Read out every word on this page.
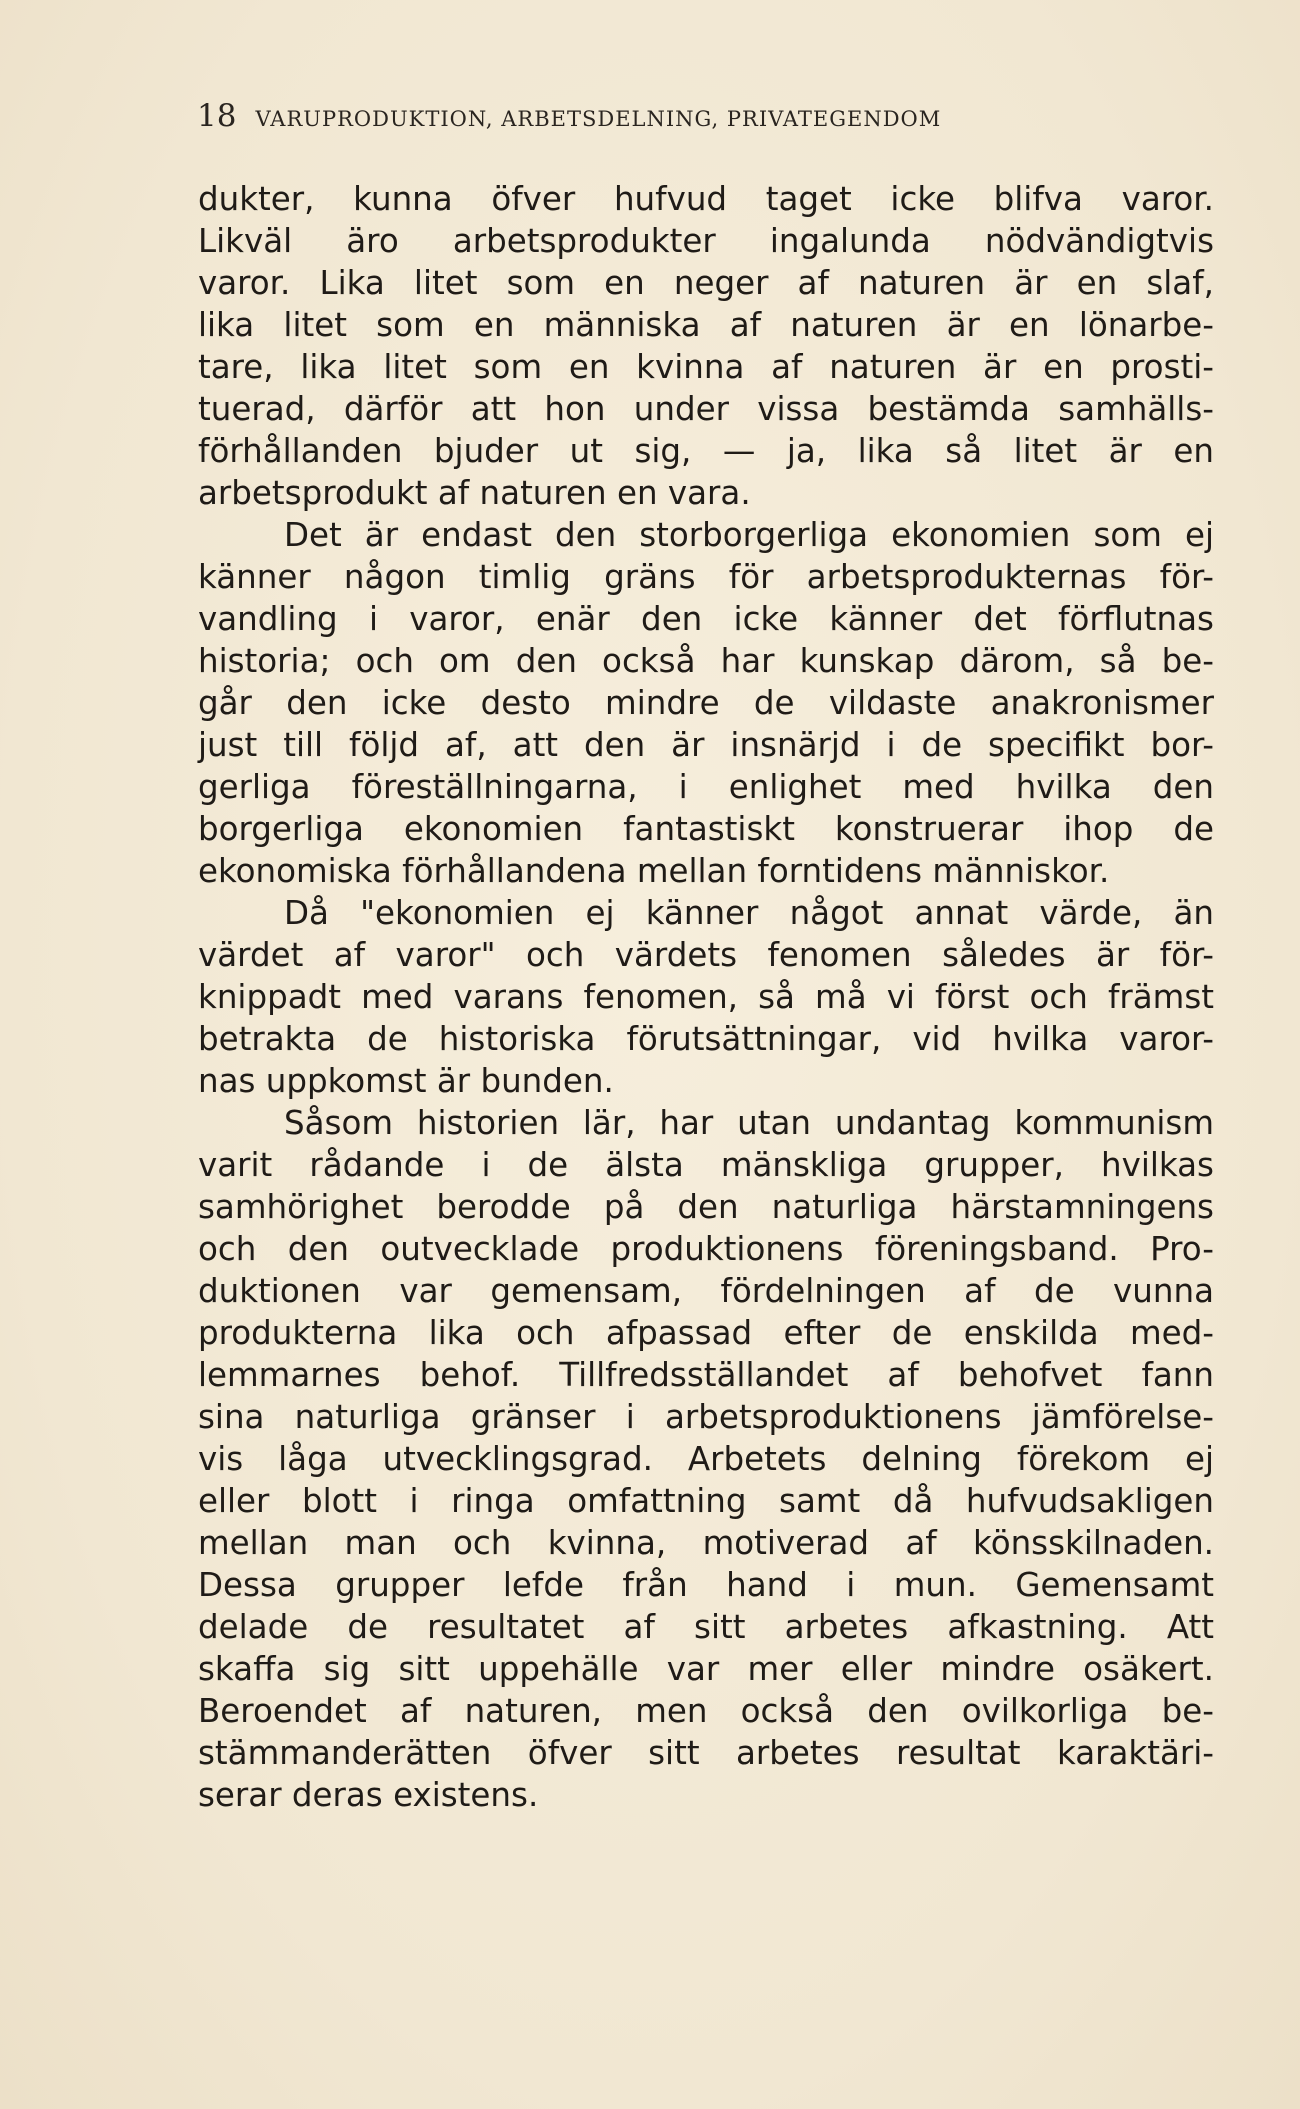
18 VARUPRODUKTION, ARBETSDELNING, PRIVATEGENDOM
dukter, kunna öfver hufvud taget icke blifva varor.
Likväl äro arbetsprodukter ingalunda nödvändigtvis
varor. Lika litet som en neger af naturen är en slaf,
lika litet som en människa af naturen är en lönarbe-
tare, lika litet som en kvinna af naturen är en prosti-
tuerad, därför att hon under vissa bestämda samhälls-
förhållanden bjuder ut sig, — ja, lika så litet är en
arbetsprodukt af naturen en vara.
Det är endast den storborgerliga ekonomien som ej
känner någon timlig gräns för arbetsprodukternas för-
vandling i varor, enär den icke känner det förflutnas
historia; och om den också har kunskap därom, så be-
går den icke desto mindre de vildaste anakronismer
just till följd af, att den är insnärjd i de specifikt bor-
gerliga föreställningarna, i enlighet med hvilka den
borgerliga ekonomien fantastiskt konstruerar ihop de
ekonomiska förhållandena mellan forntidens människor.
Då "ekonomien ej känner något annat värde, än
värdet af varor" och värdets fenomen således är för-
knippadt med varans fenomen, så må vi först och främst
betrakta de historiska förutsättningar, vid hvilka varor-
nas uppkomst är bunden.
Såsom historien lär, har utan undantag kommunism
varit rådande i de älsta mänskliga grupper, hvilkas
samhörighet berodde på den naturliga härstamningens
och den outvecklade produktionens föreningsband. Pro-
duktionen var gemensam, fördelningen af de vunna
produkterna lika och afpassad efter de enskilda med-
lemmarnes behof. Tillfredsställandet af behofvet fann
sina naturliga gränser i arbetsproduktionens jämförelse-
vis låga utvecklingsgrad. Arbetets delning förekom ej
eller blott i ringa omfattning samt då hufvudsakligen
mellan man och kvinna, motiverad af könsskilnaden.
Dessa grupper lefde från hand i mun. Gemensamt
delade de resultatet af sitt arbetes afkastning. Att
skaffa sig sitt uppehälle var mer eller mindre osäkert.
Beroendet af naturen, men också den ovilkorliga be-
stämmanderätten öfver sitt arbetes resultat karaktäri-
serar deras existens.
